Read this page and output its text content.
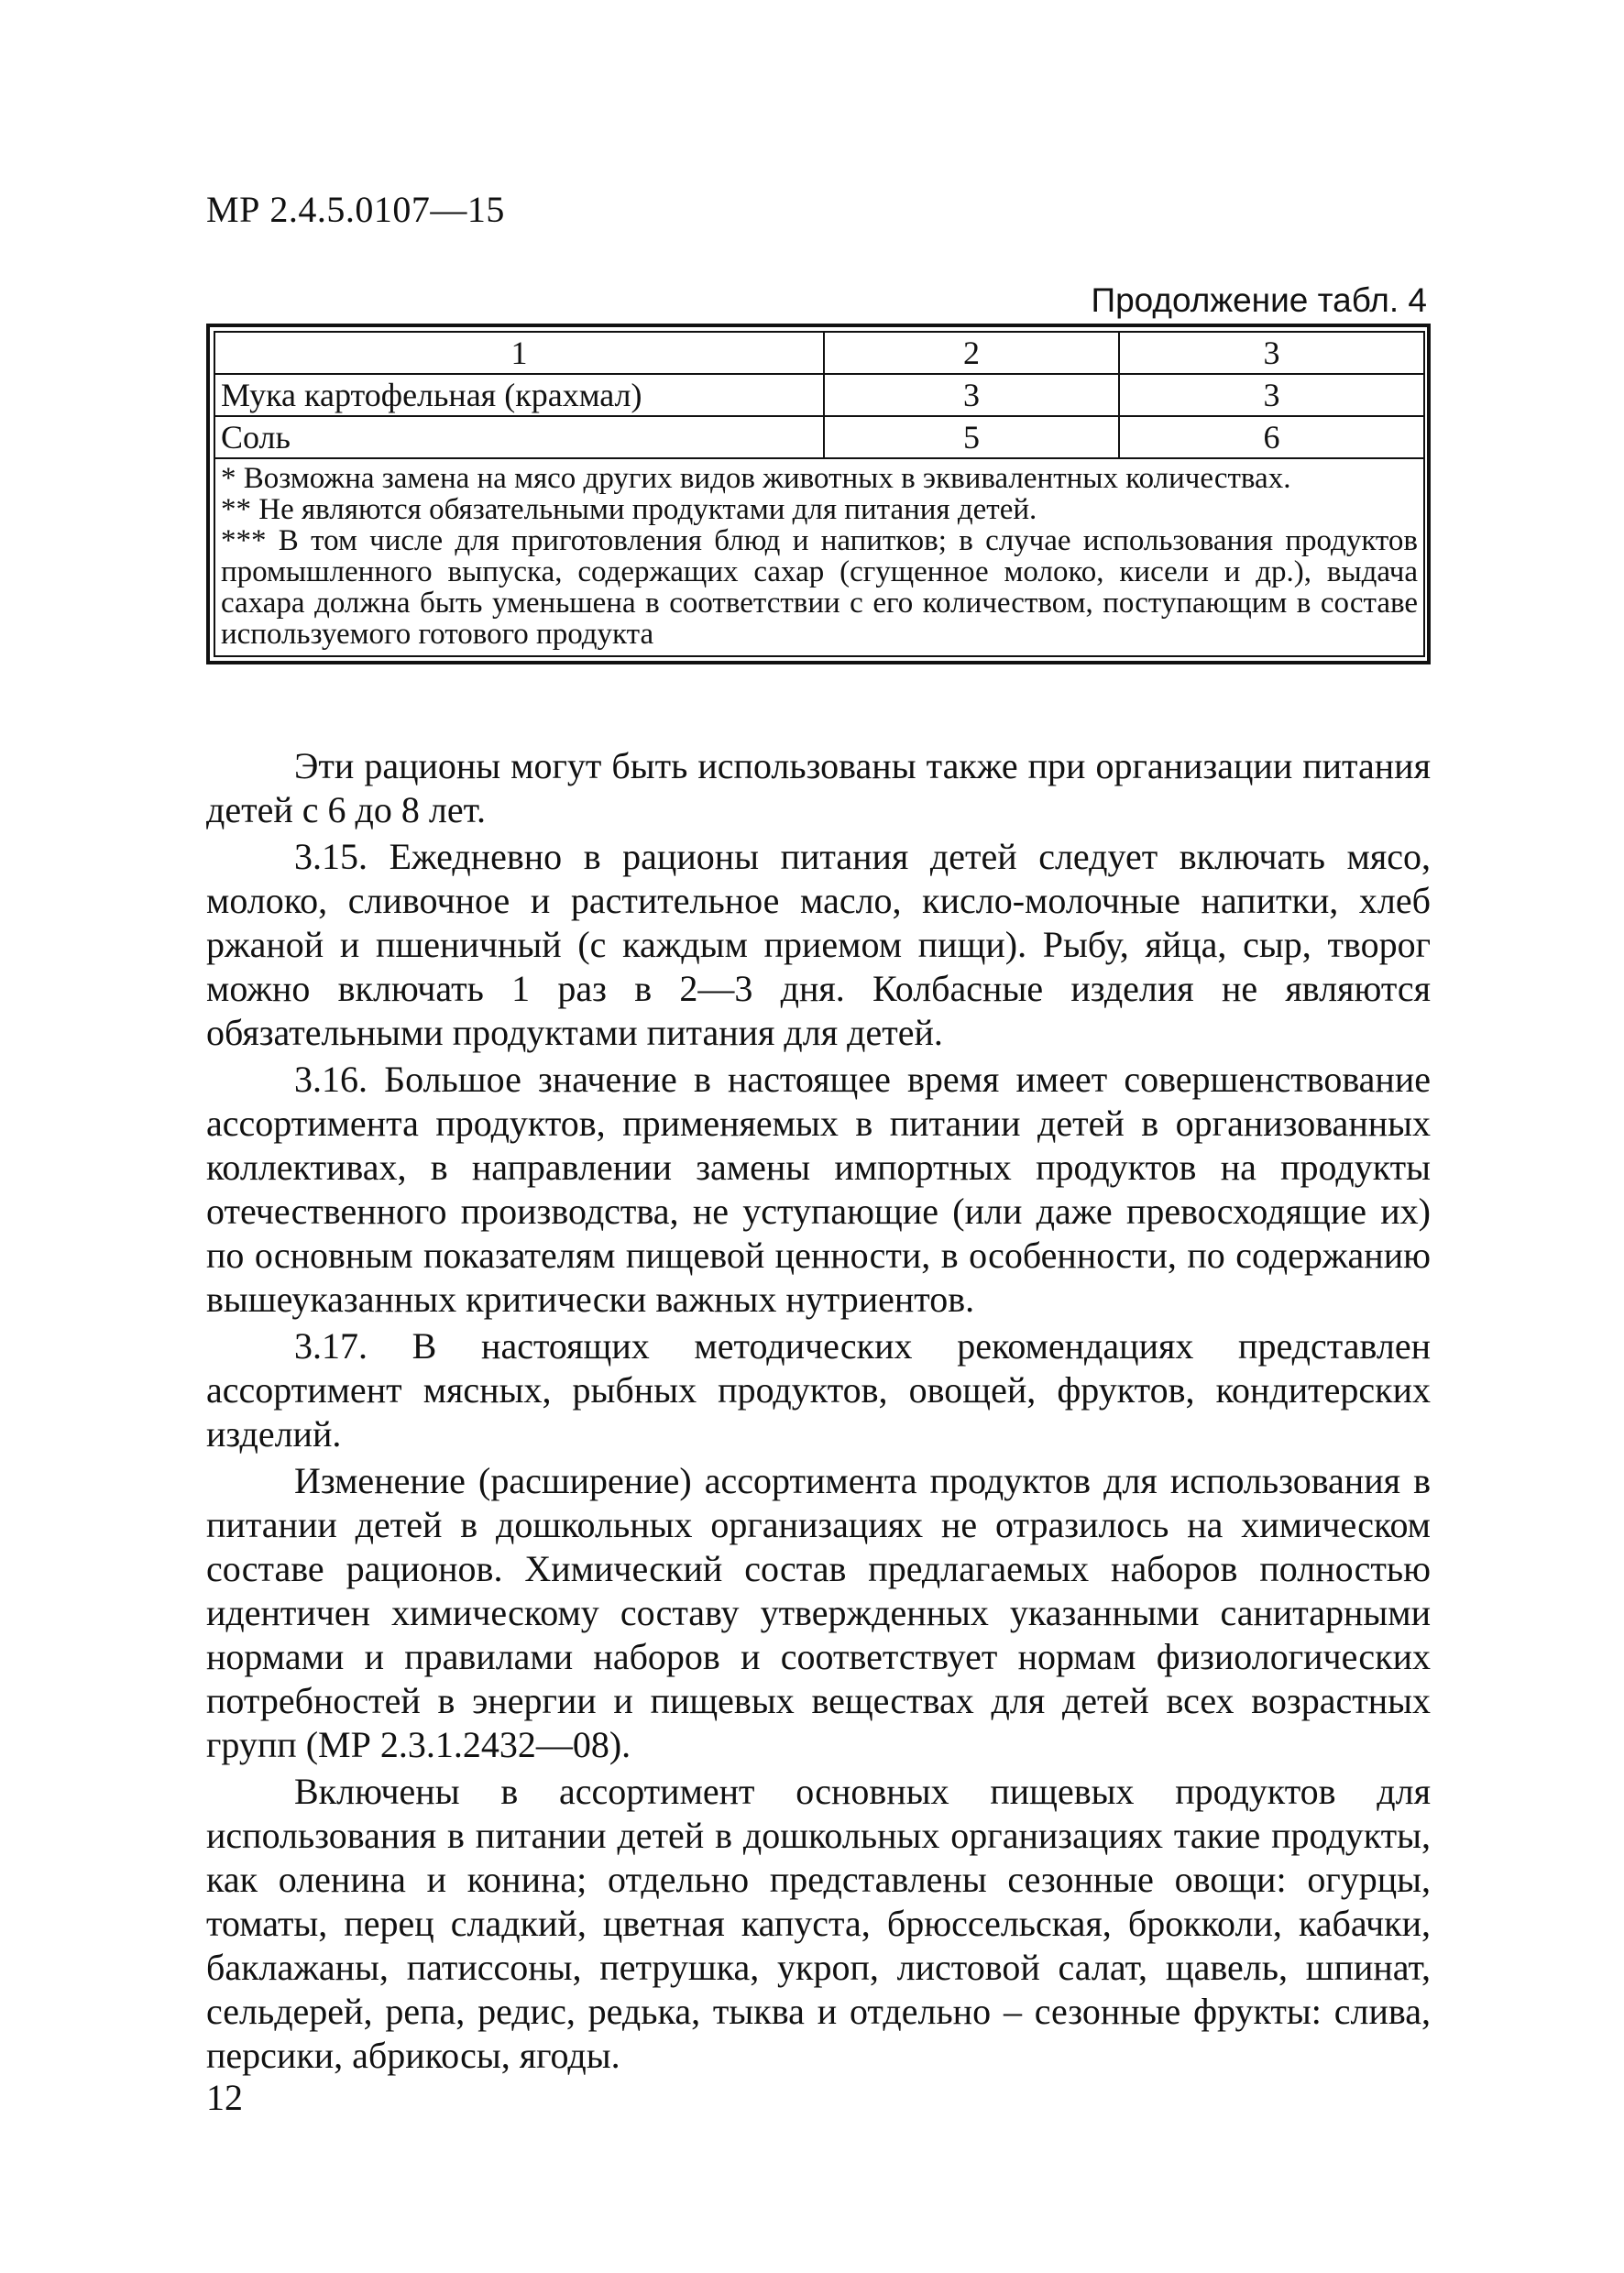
МР 2.4.5.0107—15
Продолжение табл. 4
1	2	3
Мука картофельная (крахмал)	3	3
Соль	5	6

* Возможна замена на мясо других видов животных в эквивалентных количествах.

** Не являются обязательными продуктами для питания детей.

*** В том числе для приготовления блюд и напитков; в случае использования продуктов промышленного выпуска, содержащих сахар (сгущенное молоко, кисели и др.), выдача сахара должна быть уменьшена в соответствии с его количеством, поступающим в составе используемого готового продукта		

Эти рационы могут быть использованы также при организации питания детей с 6 до 8 лет.

3.15. Ежедневно в рационы питания детей следует включать мясо, молоко, сливочное и растительное масло, кисло-молочные напитки, хлеб ржаной и пшеничный (с каждым приемом пищи). Рыбу, яйца, сыр, творог можно включать 1 раз в 2—3 дня. Колбасные изделия не являются обязательными продуктами питания для детей.

3.16. Большое значение в настоящее время имеет совершенствование ассортимента продуктов, применяемых в питании детей в организованных коллективах, в направлении замены импортных продуктов на продукты отечественного производства, не уступающие (или даже превосходящие их) по основным показателям пищевой ценности, в особенности, по содержанию вышеуказанных критически важных нутриентов.

3.17. В настоящих методических рекомендациях представлен ассортимент мясных, рыбных продуктов, овощей, фруктов, кондитерских изделий.

Изменение (расширение) ассортимента продуктов для использования в питании детей в дошкольных организациях не отразилось на химическом составе рационов. Химический состав предлагаемых наборов полностью идентичен химическому составу утвержденных указанными санитарными нормами и правилами наборов и соответствует нормам физиологических потребностей в энергии и пищевых веществах для детей всех возрастных групп (МР 2.3.1.2432—08).

Включены в ассортимент основных пищевых продуктов для использования в питании детей в дошкольных организациях такие продукты, как оленина и конина; отдельно представлены сезонные овощи: огурцы, томаты, перец сладкий, цветная капуста, брюссельская, брокколи, кабачки, баклажаны, патиссоны, петрушка, укроп, листовой салат, щавель, шпинат, сельдерей, репа, редис, редька, тыква и отдельно – сезонные фрукты: слива, персики, абрикосы, ягоды.

12
